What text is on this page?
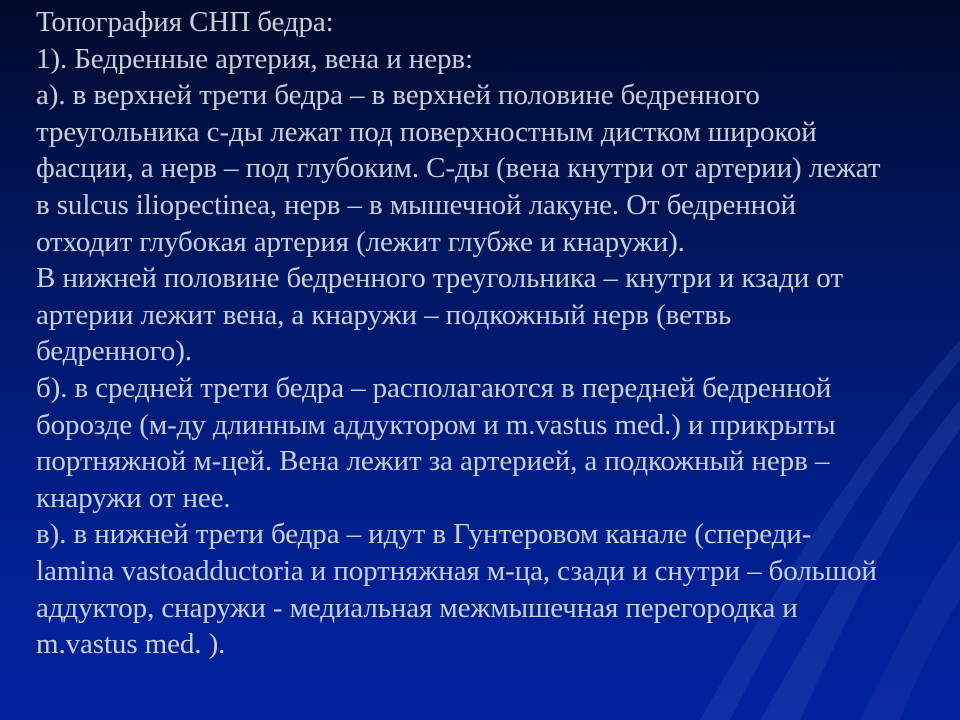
Топография СНП бедра:
1). Бедренные артерия, вена и нерв:
а). в верхней трети бедра – в верхней половине бедренного
треугольника с-ды лежат под поверхностным дистком широкой
фасции, а нерв – под глубоким. С-ды (вена кнутри от артерии) лежат
в sulcus iliopectinea, нерв – в мышечной лакуне. От бедренной
отходит глубокая артерия (лежит глубже и кнаружи).
В нижней половине бедренного треугольника – кнутри и кзади от
артерии лежит вена, а кнаружи – подкожный нерв (ветвь
бедренного).
б). в средней трети бедра – располагаются в передней бедренной
борозде (м-ду длинным аддуктором и m.vastus med.) и прикрыты
портняжной м-цей. Вена лежит за артерией, а подкожный нерв –
кнаружи от нее.
в). в нижней трети бедра – идут в Гунтеровом канале (спереди-
lamina vastoadductoria и портняжная м-ца, сзади и снутри – большой
аддуктор, снаружи - медиальная межмышечная перегородка и
m.vastus med. ).
